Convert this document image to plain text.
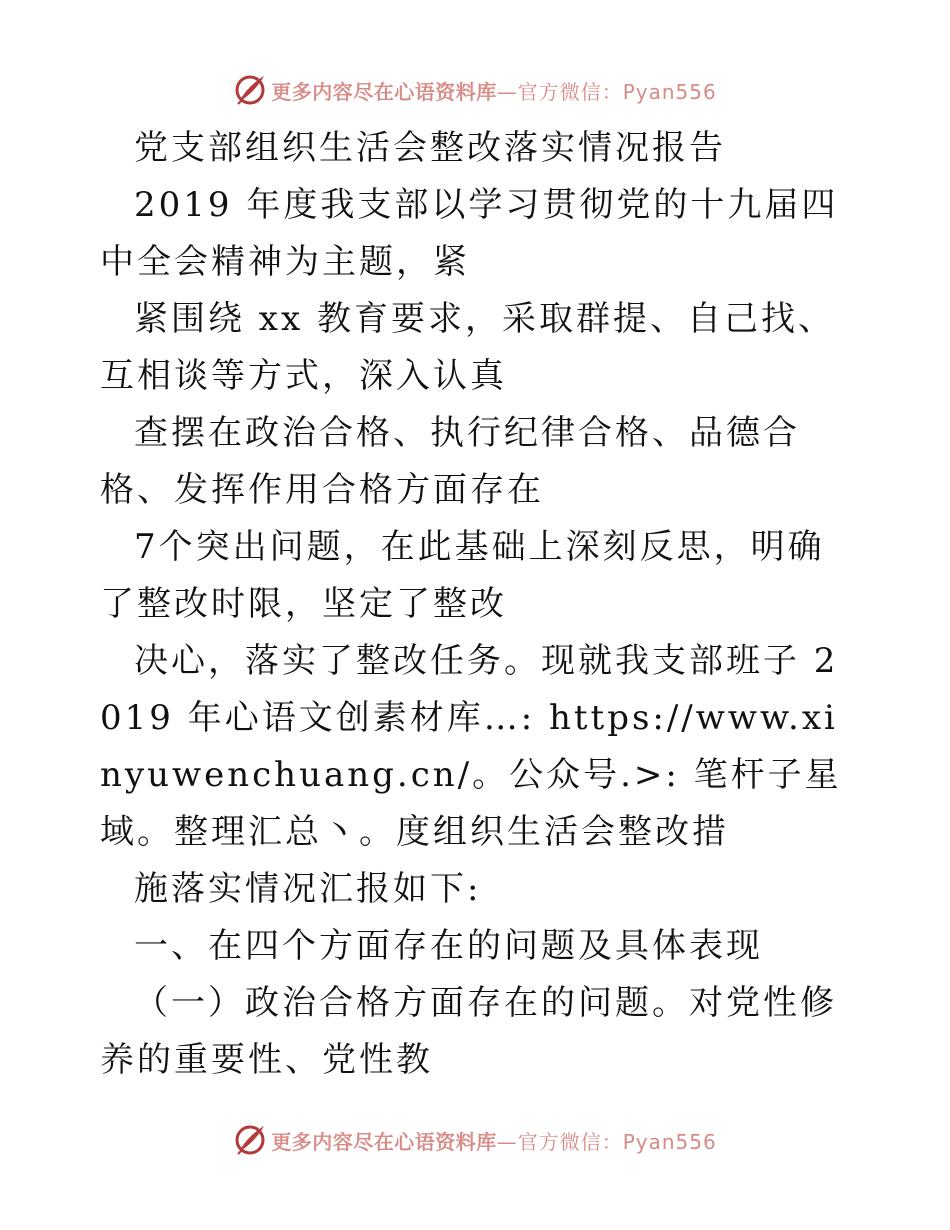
更多内容尽在心语资料库 —官方微信：Pyan556

党支部组织生活会整改落实情况报告

2019 年度我支部以学习贯彻党的十九届四中全会精神为主题，紧

紧围绕 xx 教育要求，采取群提、自己找、互相谈等方式，深入认真

查摆在政治合格、执行纪律合格、品德合格、发挥作用合格方面存在

7个突出问题，在此基础上深刻反思，明确了整改时限，坚定了整改

决心，落实了整改任务。现就我支部班子 2019 年心语文创素材库…: https://www.xinyuwenchuang.cn/。公众号.>: 笔杆子星域。整理汇总丶。度组织生活会整改措

施落实情况汇报如下:

一、在四个方面存在的问题及具体表现

（一）政治合格方面存在的问题。对党性修养的重要性、党性教

更多内容尽在心语资料库 —官方微信：Pyan556
